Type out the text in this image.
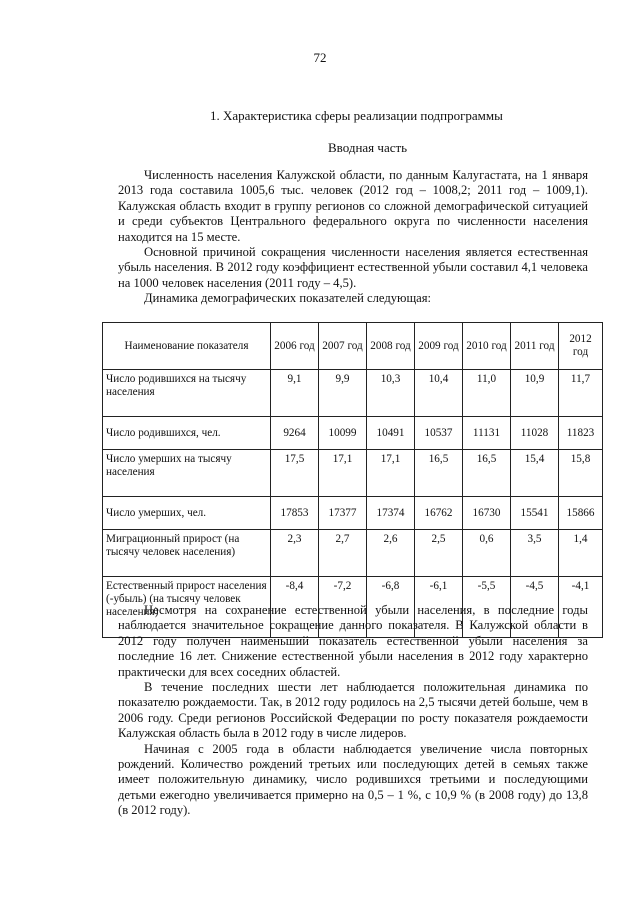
72
1. Характеристика сферы реализации подпрограммы
Вводная часть

Численность населения Калужской области, по данным Калугастата, на 1 января 2013 года составила 1005,6 тыс. человек (2012 год – 1008,2; 2011 год – 1009,1). Калужская область входит в группу регионов со сложной демографической ситуацией и среди субъектов Центрального федерального округа по численности населения находится на 15 месте.

Основной причиной сокращения численности населения является естественная убыль населения. В 2012 году коэффициент естественной убыли составил 4,1 человека на 1000 человек населения (2011 году – 4,5).

Динамика демографических показателей следующая:

Наименование показателя	2006 год	2007 год	2008 год	2009 год	2010 год	2011 год	2012 год
Число родившихся на тысячу населения	9,1	9,9	10,3	10,4	11,0	10,9	11,7
Число родившихся, чел.	9264	10099	10491	10537	11131	11028	11823
Число умерших на тысячу населения	17,5	17,1	17,1	16,5	16,5	15,4	15,8
Число умерших, чел.	17853	17377	17374	16762	16730	15541	15866
Миграционный прирост (на тысячу человек населения)	2,3	2,7	2,6	2,5	0,6	3,5	1,4
Естественный прирост населения (-убыль) (на тысячу человек населения)	-8,4	-7,2	-6,8	-6,1	-5,5	-4,5	-4,1

Несмотря на сохранение естественной убыли населения, в последние годы наблюдается значительное сокращение данного показателя. В Калужской области в 2012 году получен наименьший показатель естественной убыли населения за последние 16 лет. Снижение естественной убыли населения в 2012 году характерно практически для всех соседних областей.

В течение последних шести лет наблюдается положительная динамика по показателю рождаемости. Так, в 2012 году родилось на 2,5 тысячи детей больше, чем в 2006 году. Среди регионов Российской Федерации по росту показателя рождаемости Калужская область была в 2012 году в числе лидеров.

Начиная с 2005 года в области наблюдается увеличение числа повторных рождений. Количество рождений третьих или последующих детей в семьях также имеет положительную динамику, число родившихся третьими и последующими детьми ежегодно увеличивается примерно на 0,5 – 1 %, с 10,9 % (в 2008 году) до 13,8 (в 2012 году).
